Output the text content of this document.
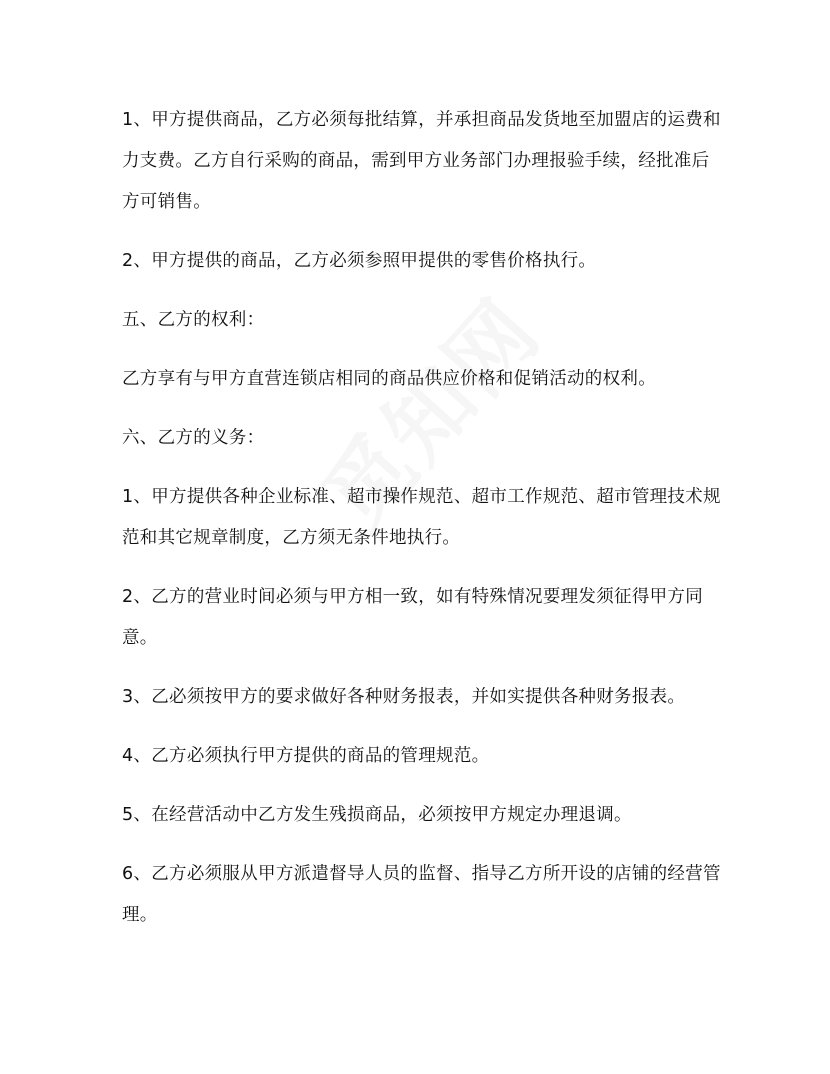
1、甲方提供商品，乙方必须每批结算，并承担商品发货地至加盟店的运费和力支费。乙方自行采购的商品，需到甲方业务部门办理报验手续，经批准后方可销售。

2、甲方提供的商品，乙方必须参照甲提供的零售价格执行。

五、乙方的权利：

乙方享有与甲方直营连锁店相同的商品供应价格和促销活动的权利。

六、乙方的义务：

1、甲方提供各种企业标准、超市操作规范、超市工作规范、超市管理技术规范和其它规章制度，乙方须无条件地执行。

2、乙方的营业时间必须与甲方相一致，如有特殊情况要理发须征得甲方同意。

3、乙必须按甲方的要求做好各种财务报表，并如实提供各种财务报表。

4、乙方必须执行甲方提供的商品的管理规范。

5、在经营活动中乙方发生残损商品，必须按甲方规定办理退调。

6、乙方必须服从甲方派遣督导人员的监督、指导乙方所开设的店铺的经营管理。
